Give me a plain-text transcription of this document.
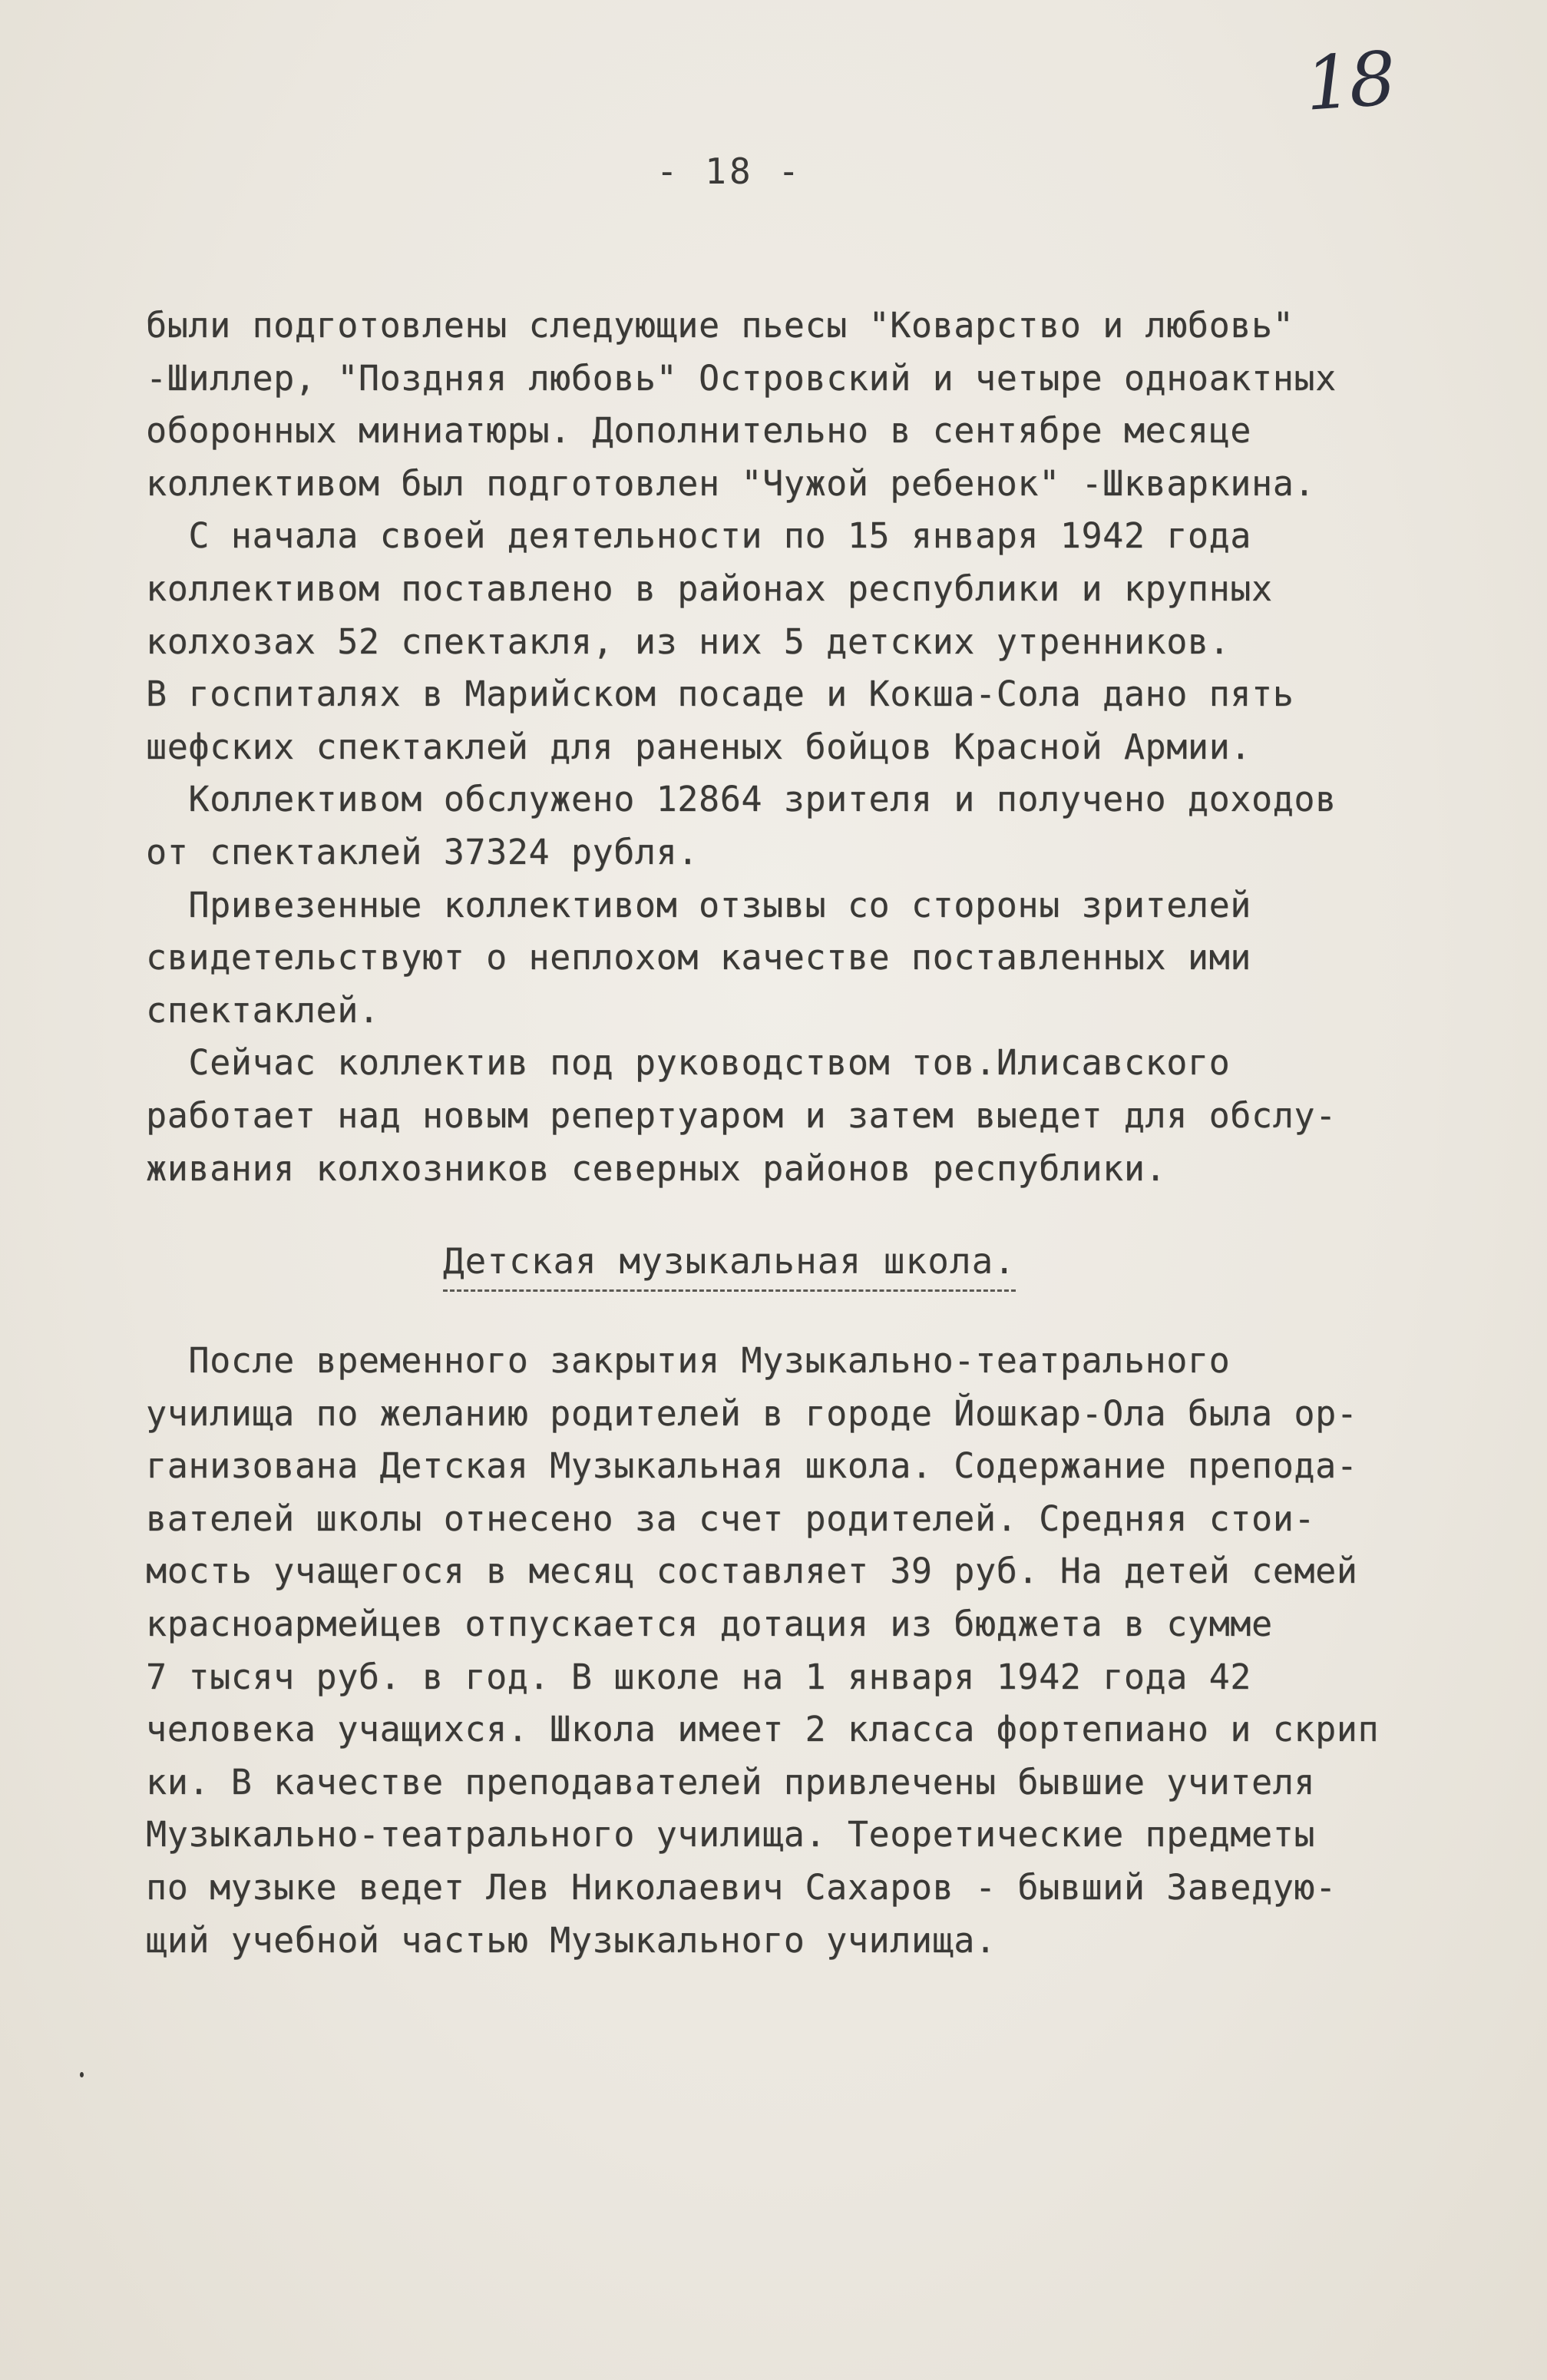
18
- 18 -
были подготовлены следующие пьесы "Коварство и любовь"
-Шиллер, "Поздняя любовь" Островский и четыре одноактных
оборонных миниатюры. Дополнительно в сентябре месяце
коллективом был подготовлен "Чужой ребенок" -Шкваркина.
С начала своей деятельности по 15 января 1942 года
коллективом поставлено в районах республики и крупных
колхозах 52 спектакля, из них 5 детских утренников.
В госпиталях в Марийском посаде и Кокша-Сола дано пять
шефских спектаклей для раненых бойцов Красной Армии.
Коллективом обслужено 12864 зрителя и получено доходов
от спектаклей 37324 рубля.
Привезенные коллективом отзывы со стороны зрителей
свидетельствуют о неплохом качестве поставленных ими
спектаклей.
Сейчас коллектив под руководством тов.Илисавского
работает над новым репертуаром и затем выедет для обслу-
живания колхозников северных районов республики.
Детская музыкальная школа.
После временного закрытия Музыкально-театрального
училища по желанию родителей в городе Йошкар-Ола была ор-
ганизована Детская Музыкальная школа. Содержание препода-
вателей школы отнесено за счет родителей. Средняя стои-
мость учащегося в месяц составляет 39 руб. На детей семей
красноармейцев отпускается дотация из бюджета в сумме
7 тысяч руб. в год. В школе на 1 января 1942 года 42
человека учащихся. Школа имеет 2 класса фортепиано и скрип
ки. В качестве преподавателей привлечены бывшие учителя
Музыкально-театрального училища. Теоретические предметы
по музыке ведет Лев Николаевич Сахаров - бывший Заведую-
щий учебной частью Музыкального училища.
